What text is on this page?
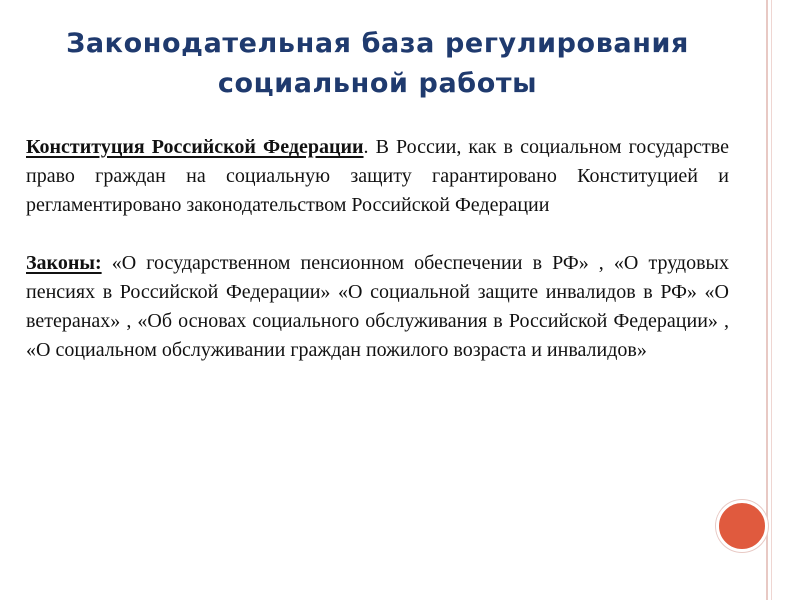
Законодательная база регулирования социальной работы

Конституция Российской Федерации. В России, как в социальном государстве право граждан на социальную защиту гарантировано Конституцией и регламентировано законодательством Российской Федерации

Законы: «О государственном пенсионном обеспечении в РФ» , «О трудовых пенсиях в Российской Федерации» «О социальной защите инвалидов в РФ» «О ветеранах» , «Об основах социального обслуживания в Российской Федерации» , «О социальном обслуживании граждан пожилого возраста и инвалидов»
